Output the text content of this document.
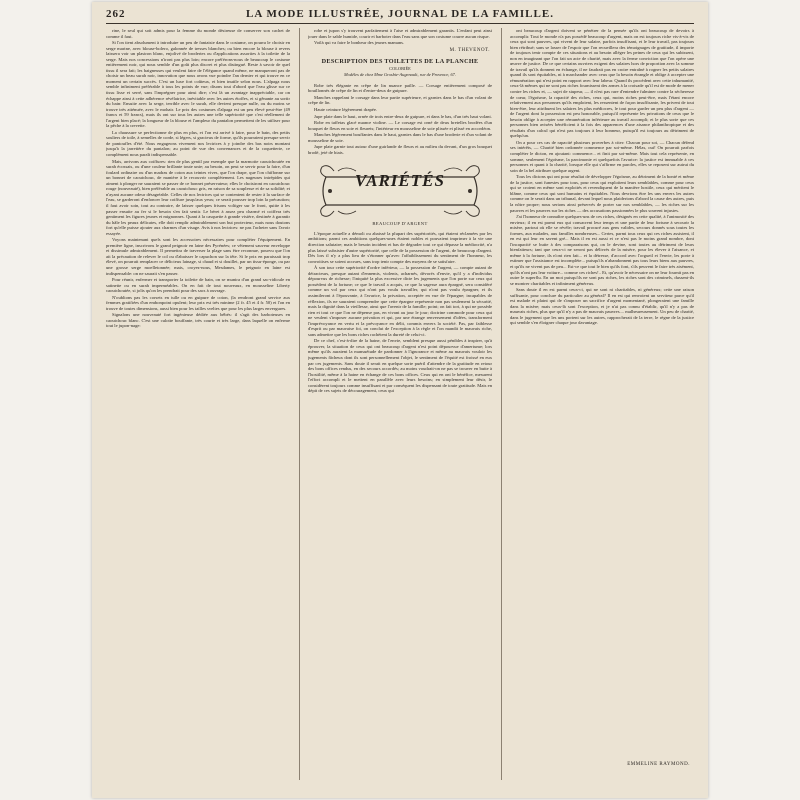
262	LA MODE ILLUSTRÉE, JOURNAL DE LA FAMILLE.

rine, le seul qui soit admis pour la femme du monde désireuse de conserver son cachet de comme il faut.

Si l'on tient absolument à introduire un peu de fantaisie dans le costume, on pourra le choisir en serge marine, avec blouse-bolero, galonnée de tresses blanches; ou bien encore la blouse à revers laissera voir un plastron blanc, enjolivé de broderies ou d'applications assorties à la toilette de la serge. Mais nos concessions n'iront pas plus loin; encore préférons-nous de beaucoup le costume entièrement noir, qui nous semble d'un goût plus discret et plus distingué. Reste à savoir de quel tissu il sera fait; les baigneuses qui veulent faire de l'élégance quand même, ne manqueront pas de choisir un beau surah noir, innovation que nous avons vue poindre l'an dernier et qui trouve en ce moment un certain succès. C'est un luxe fort coûteux, et bien inutile selon nous. L'alpaga nous semble infiniment préférable à tous les points de vue; disons tout d'abord que l'eau glisse sur ce tissu lisse et serré, sans l'imprégner pour ainsi dire; c'est là un avantage inappréciable, car on échappe ainsi à cette adhérence révélatrice, inévitable avec les autres étoffes, et si gênante au sortir du bain: Ensuite avec la serge, terrible avec le surah, elle devient presque nulle, ou du moins se trouve très atténuée, avec le mohair. Le prix des costumes d'alpaga est un peu élevé peut-être (49 francs et 59 francs), mais ils ont sur tous les autres une telle supériorité que c'est réellement de l'argent bien placé; la longueur de la blouse et l'ampleur du pantalon permettent de les utiliser pour la pêche à la crevette.

La chaussure se perfectionne de plus en plus, et l'on est arrivé à faire, pour le bain, des petits souliers de toile, à semelles de corde, si légers, si gracieux de forme, qu'ils pourraient presque servir de pantoufles d'été. Nous engageons vivement nos lectrices à y joindre des bas noirs montant jusqu'à la jarretière du pantalon; au point de vue des convenances et de la coquetterie, ce complément nous paraît indispensable.

Mais, arrivons aux coiffures: rien de plus gentil par exemple que la marmotte caoutchoutée en surah écossais, ou d'une couleur brillante toute unie; au besoin, on peut se servir pour la faire, d'un foulard ordinaire ou d'un madras de coton aux teintes vives, que l'on drape, que l'on chiffonne sur un bonnet de caoutchouc, de manière à le recouvrir complètement. Les nageuses intrépides qui aiment à plonger ne sauraient se passer de ce bonnet préservateur; elles le choisiront en caoutchouc rouge (nouveauté), bien préférable au caoutchouc gris, en raison de sa souplesse et de sa solidité; et n'ayant aucune odeur désagréable. Celles de nos lectrices qui se contentent de rester à la surface de l'eau, se garderont d'enfoncer leur coiffure jusqu'aux yeux; ce serait pousser trop loin la précaution; il faut avoir soin, tout au contraire, de laisser quelques frisons voltiger sur le front, quitte à les passer ensuite au fer si le besoin s'en fait sentir. Le béret à assez peu charmé et coiffera très gentiment les figures jeunes et mignonnes. Quant à la casquette à grande visière, destinée à garantir du hâle les peaux délicates, elle doit remplir admirablement son but protecteur, mais nous doutons fort qu'elle puisse ajouter aux charmes d'un visage. Avis à nos lectrices: ne pas l'acheter sans l'avoir essayée.

Voyons maintenant quels sont les accessoires nécessaires pour compléter l'équipement. En première ligne, inscrivons le grand peignoir en laine des Pyrénées; ce vêtement sauveur enveloppe et dissimule admirablement. Il permettra de traverser la plage sans être reconnue, pourvu que l'on ait la précaution de relever le col ou d'abaisser le capuchon sur la tête. Si le prix en paraissait trop élevé, on pourrait remplacer ce délicieux lainage, si chaud et si douillet, par un tissu-éponge, ou par une grosse serge moelletonnée; mais, croyez-nous, Mesdames, le peignoir en laine est indispensable: on ne saurait s'en passer.

Pour réunir, enfermer et transporter la toilette de bain, on se munira d'un grand sac-ridicule en satinette ou en surah imperméables. On en fait de tout nouveaux, en mousseline Liberty caoutchoutée, si jolis qu'on les prendrait pour des sacs à ouvrage.

N'oublions pas les corsets en tulle ou en guipure de coton, (la rendront grand service aux femmes gratifiées d'un embonpoint opulent; leur prix est très minime (2 fr. 45 et 4 fr. 50) et l'on en trouve de toutes dimensions, aussi bien pour les tailles sveltes que pour les plus larges envergures.

Signalons une nouveauté fort ingénieuse dédiée aux bébés: il s'agit des barboteuses en caoutchouc blanc. C'est une culotte bouffante, très courte et très large, dans laquelle on enferme tout le jupon-nage:

robe et jupon s'y trouvent parfaitement à l'aise et admirablement garantis. L'enfant peut ainsi jouer dans le sable humide, courir et barboter dans l'eau sans que son costume courre aucun risque.

Voilà qui va faire le bonheur des jeunes mamans.

M. THEVENOT.
DESCRIPTION DES TOILETTES DE LA PLANCHE
COLORIÉE
Modèles de chez Mme Grosbie-Augenault, rue de Provence, 67.

Robe très élégante en crêpe de lin nuance paille. — Corsage entièrement composé de bouillonnés de crêpe de lin et d'entre-deux de guipure.

Manches rappelant le corsage dans leur partie supérieure, et garnies dans le bas d'un volant de crêpe de lin.

Haute ceinture légèrement drapée.

Jupe plate dans le haut, ornée de trois entre-deux de guipure, et dans le bas, d'un très haut volant.

Robe en taffetas glacé nuance violine. — Le corsage est orné de deux bretelles brodées d'un bouquet de fleurs en soie et fleurets; l'intérieur en mousseline de soie plissée et plissé en accordéon.

Manches légèrement bouffantes dans le haut, garnies dans le bas d'une broderie et d'un volant de mousseline de soie.

Jupe plate garnie tout autour d'une guirlande de fleurs et au milieu du devant, d'un gros bouquet brodé, jeté de biais.

VARIÉTÉS
BEAUCOUP D'ARGENT

L'époque actuelle a démoli ou abaissé la plupart des supériorités, qui étaient réclamées par les ambitions; parmi ces ambitions quelques-unes étaient nobles et pouvaient imprimer à la vie une direction salutaire; mais le besoin incident et bas de dégrader tout ce qui dépasse la médiocrité, n'a plus laissé subsister d'autre supériorité, que celle de la possession de l'argent, de beaucoup d'argent. Dès lors il n'y a plus lieu de s'étonner qu'avec l'affaiblissement du sentiment de l'honneur, les convoitises se soient accrues, sans trop tenir compte des moyens de se satisfaire.

À son tour cette supériorité d'ordre inférieur, — la possession de l'argent, — compte autant de détracteurs, presque autant d'ennemis, violents, acharnés, dévorés d'envie, qu'il y a d'individus dépourvus de richesse; l'iniquité la plus excessive dicte les jugements que l'on porte sur ceux qui possèdent de la fortune; ce que le travail a acquis, ce que la sagesse aura épargné, sera considéré comme un vol par ceux qui n'ont pas voulu travailler, qui n'ont pas voulu épargner, et ils assimileront à l'épouvante, à l'avarice, la privation, acceptée en vue de l'épargne; incapables de réflexion, ils ne sauraient comprendre que cette épargne représente non pas seulement la sécurité, mais la dignité dans la vieillesse, ainsi que l'avenir de la famille; point; on fait tort, à qui ne possède rien et tout ce que l'on ne dépense pas, en vivant au jour le jour; doctrine commode pour ceux qui ne veulent s'imposer aucune privation et qui, par une étrange renversement d'idées, transforment l'imprévoyance en vertu et la prévoyance en délit, commis envers la société. Pas, par faiblesse d'esprit ou par mauvaise foi, on conclut de l'exception à la règle et l'on mandit le mauvais riche, sans admettre que les bons riches rachètent la dureté de celui-ci.

De ce chef, c'est-à-dire de la haine, de l'envie, semblent presque aussi pénibles à inspirer, qu'à éprouver, la situation de ceux qui ont beaucoup d'argent n'est point dépourvue d'amertume; lors même qu'ils auraient la mansuétude de pardonner à l'ignorance et même au mauvais vouloir les jugements fâcheux dont ils sont personnellement l'objet, le sentiment de l'équité est froissé en eux par ces jugements. Sans doute il serait en quelque sorte puéril d'attendre de la gratitude en retour des bons offices rendus, en des secours accordés; au moins voudrait-on ne pas se trouver en butte à l'hostilité, même à la haine en échange de ces bons offices. Ceux qui en ont le bénéfice, mesurent l'effort accompli et le mettent en parallèle avec leurs besoins; en simplement leur désir, le considèrent toujours comme insuffisant et par conséquent les dispensant de toute gratitude. Mais en dépit de ces sujets de découragement, ceux qui

ont beaucoup d'argent doivent se pénétrer de la pensée qu'ils ont beaucoup de devoirs à accomplir. Tout le monde n'a pas possédé beaucoup d'argent, mais on est toujours riche vis-à-vis de ceux qui sont pauvres, qui vivent de leur salaire, parfois insuffisant, et le leur travail, pas toujours bien rétribué; sans se lasser de l'espoir que l'on recueillera des témoignages de gratitude, il importe de toujours tenir compte de ces situations et au besoin alléger les peines de ceux qui les subissent, non en imaginant que l'on fait un acte de charité, mais avec la ferme conviction que l'on opère une œuvre de justice. De ce que certains ouvriers exigent des salaires hors de proportion avec la somme de travail qu'ils donnent en échange, il ne faudrait pas en croire entraîné à rogner les petits salaires quand ils sont équitables, ni à marchander avec ceux que la besoin étrangle et oblige à accepter une rémunération qui n'est point en rapport avec leur labeur. Quand ils procèdent avec cette inhumanité, ceux-là mêmes qui ne sont pas riches fournissent des armes à la croisade qu'il est de mode de mener contre les riches et, — sujet de stupeur, — il n'est pas rare d'entendre fulminer contre la sécheresse de cœur, l'égoïsme, la rapacité des riches, ceux qui, moins riches peut-être, mais l'étant encore relativement aux personnes qu'ils emploient, les ressentent de façon insuffisante, les privent de tout bien-être, leur attribuent les salaires les plus médiocres, le tout pour garder un peu plus d'argent — de l'argent dont la possession est peu honorable, puisqu'il représente les privations de ceux que le besoin oblige à accepter une rémunération inférieure au travail accompli; et le plus sorte que ces personnes bien avisées bénéficient à la fois des apparences d'une aisance philanthropique et des résultats d'un calcul qui n'est pas toujours à leur honneur, puisqu'il est toujours au détriment de quelqu'un.

On a pour ces cas de rapacité plusieurs proverbes à citer: Chacun pour soi, — Chacun défend ses intérêts, — Charité bien ordonnée commence par soi-même. Hélas, oui! On pourrait parfois compléter le dicton, en ajoutant: commence... et finit par soi-même. Mais tout cela représente, en somme, seulement l'égoïsme, la parcimonie et quelquefois l'avarice: la justice est immuable à ces personnes et quant à la charité, lorsque elle qui s'affirme en paroles, elles se reposent sur autrui du soin de la bel attribuer quelque argent.

Tous les dictons qui ont pour résultat de développer l'égoïsme, au détriment de la bonté et même de la justice, sont funestes pour tous, pour ceux qui exploitent leurs semblables, comme pour ceux qui se croient en même sont exploités et revendiquent de la manière hostile, ceux qui méritent le blâme, comme ceux qui sont humains et équitables. Nous devrions être les uns envers les autres comme on le serait dans un tribunal, devant lequel nous plaiderions d'abord la cause des autres, puis la nôtre propre; nous serions ainsi préservés de porter sur nos semblables, — les riches sur les pauvres et les pauvres sur les riches — des accusations passionnées le plus souvent injustes.

J'ai l'honneur de connaître quelques-uns de ces riches, désignés en cette qualité, à l'animosité des envieux; il en est parmi eux qui consacrent leur temps et une partie de leur fortune à secourir la misère, partout où elle se révèle; travail procuré aux gens valides, secours donnés sous toutes les formes, aux malades, aux familles nombreuses... Certes, parmi tous ceux qui ces riches assistent, il en est qui leur en savent gré... Mais il en est aussi et ce n'est pas le moins grand nombre, dont l'incapacité se butte à des comparaisons qui, on le devine, sont toutes au détriment de leurs bienfaiteurs; tant que ceux-ci ne seront pas délivrés de la misère, pour les élever à l'aisance, et même à la fortune, ils n'ont rien fait... et la détresse, d'accord avec l'orgueil et l'envie, les porte à estimer que l'assistance est incomplète... puisqu'ils n'abandonnent pas tous leurs biens aux pauvres, et qu'ils ne vivent pas de peu... Est-ce que tout le bien qu'ils font, s'ils peuvent le faire très aisément, qu'ils n'ont pas leur voiture... comme ces riches!.. Et, qu'avoir le nécessaire on ne leur fournit pas en outre le superflu. En un mot puisqu'ils ne sont pas riches, les riches sont des criminels, dussent-ils se montrer charitables et infiniment généreux.

Sans doute il en est parmi ceux-ci, qui ne sont ni charitables, ni généreux; cette une raison suffisante, pour conclure du particulier au général? Il en est qui renvoient un serviteur parce qu'il est malade et plaint qui de s'imposer un sacrifice d'argent momentané, plongeraient une famille dans la misère; mais ceux-là sont l'exception, et je n'ai pas connu d'établir, qu'il n'y a pas de mauvais riches, plus que qu'il n'y a pas de mauvais pauvres.... malheureusement. Un peu de charité, dans le jugement que les uns portent sur les autres, rapprocherait de la terre, le règne de la justice qui semble s'en éloigner chaque jour davantage.

EMMELINE RAYMOND.
